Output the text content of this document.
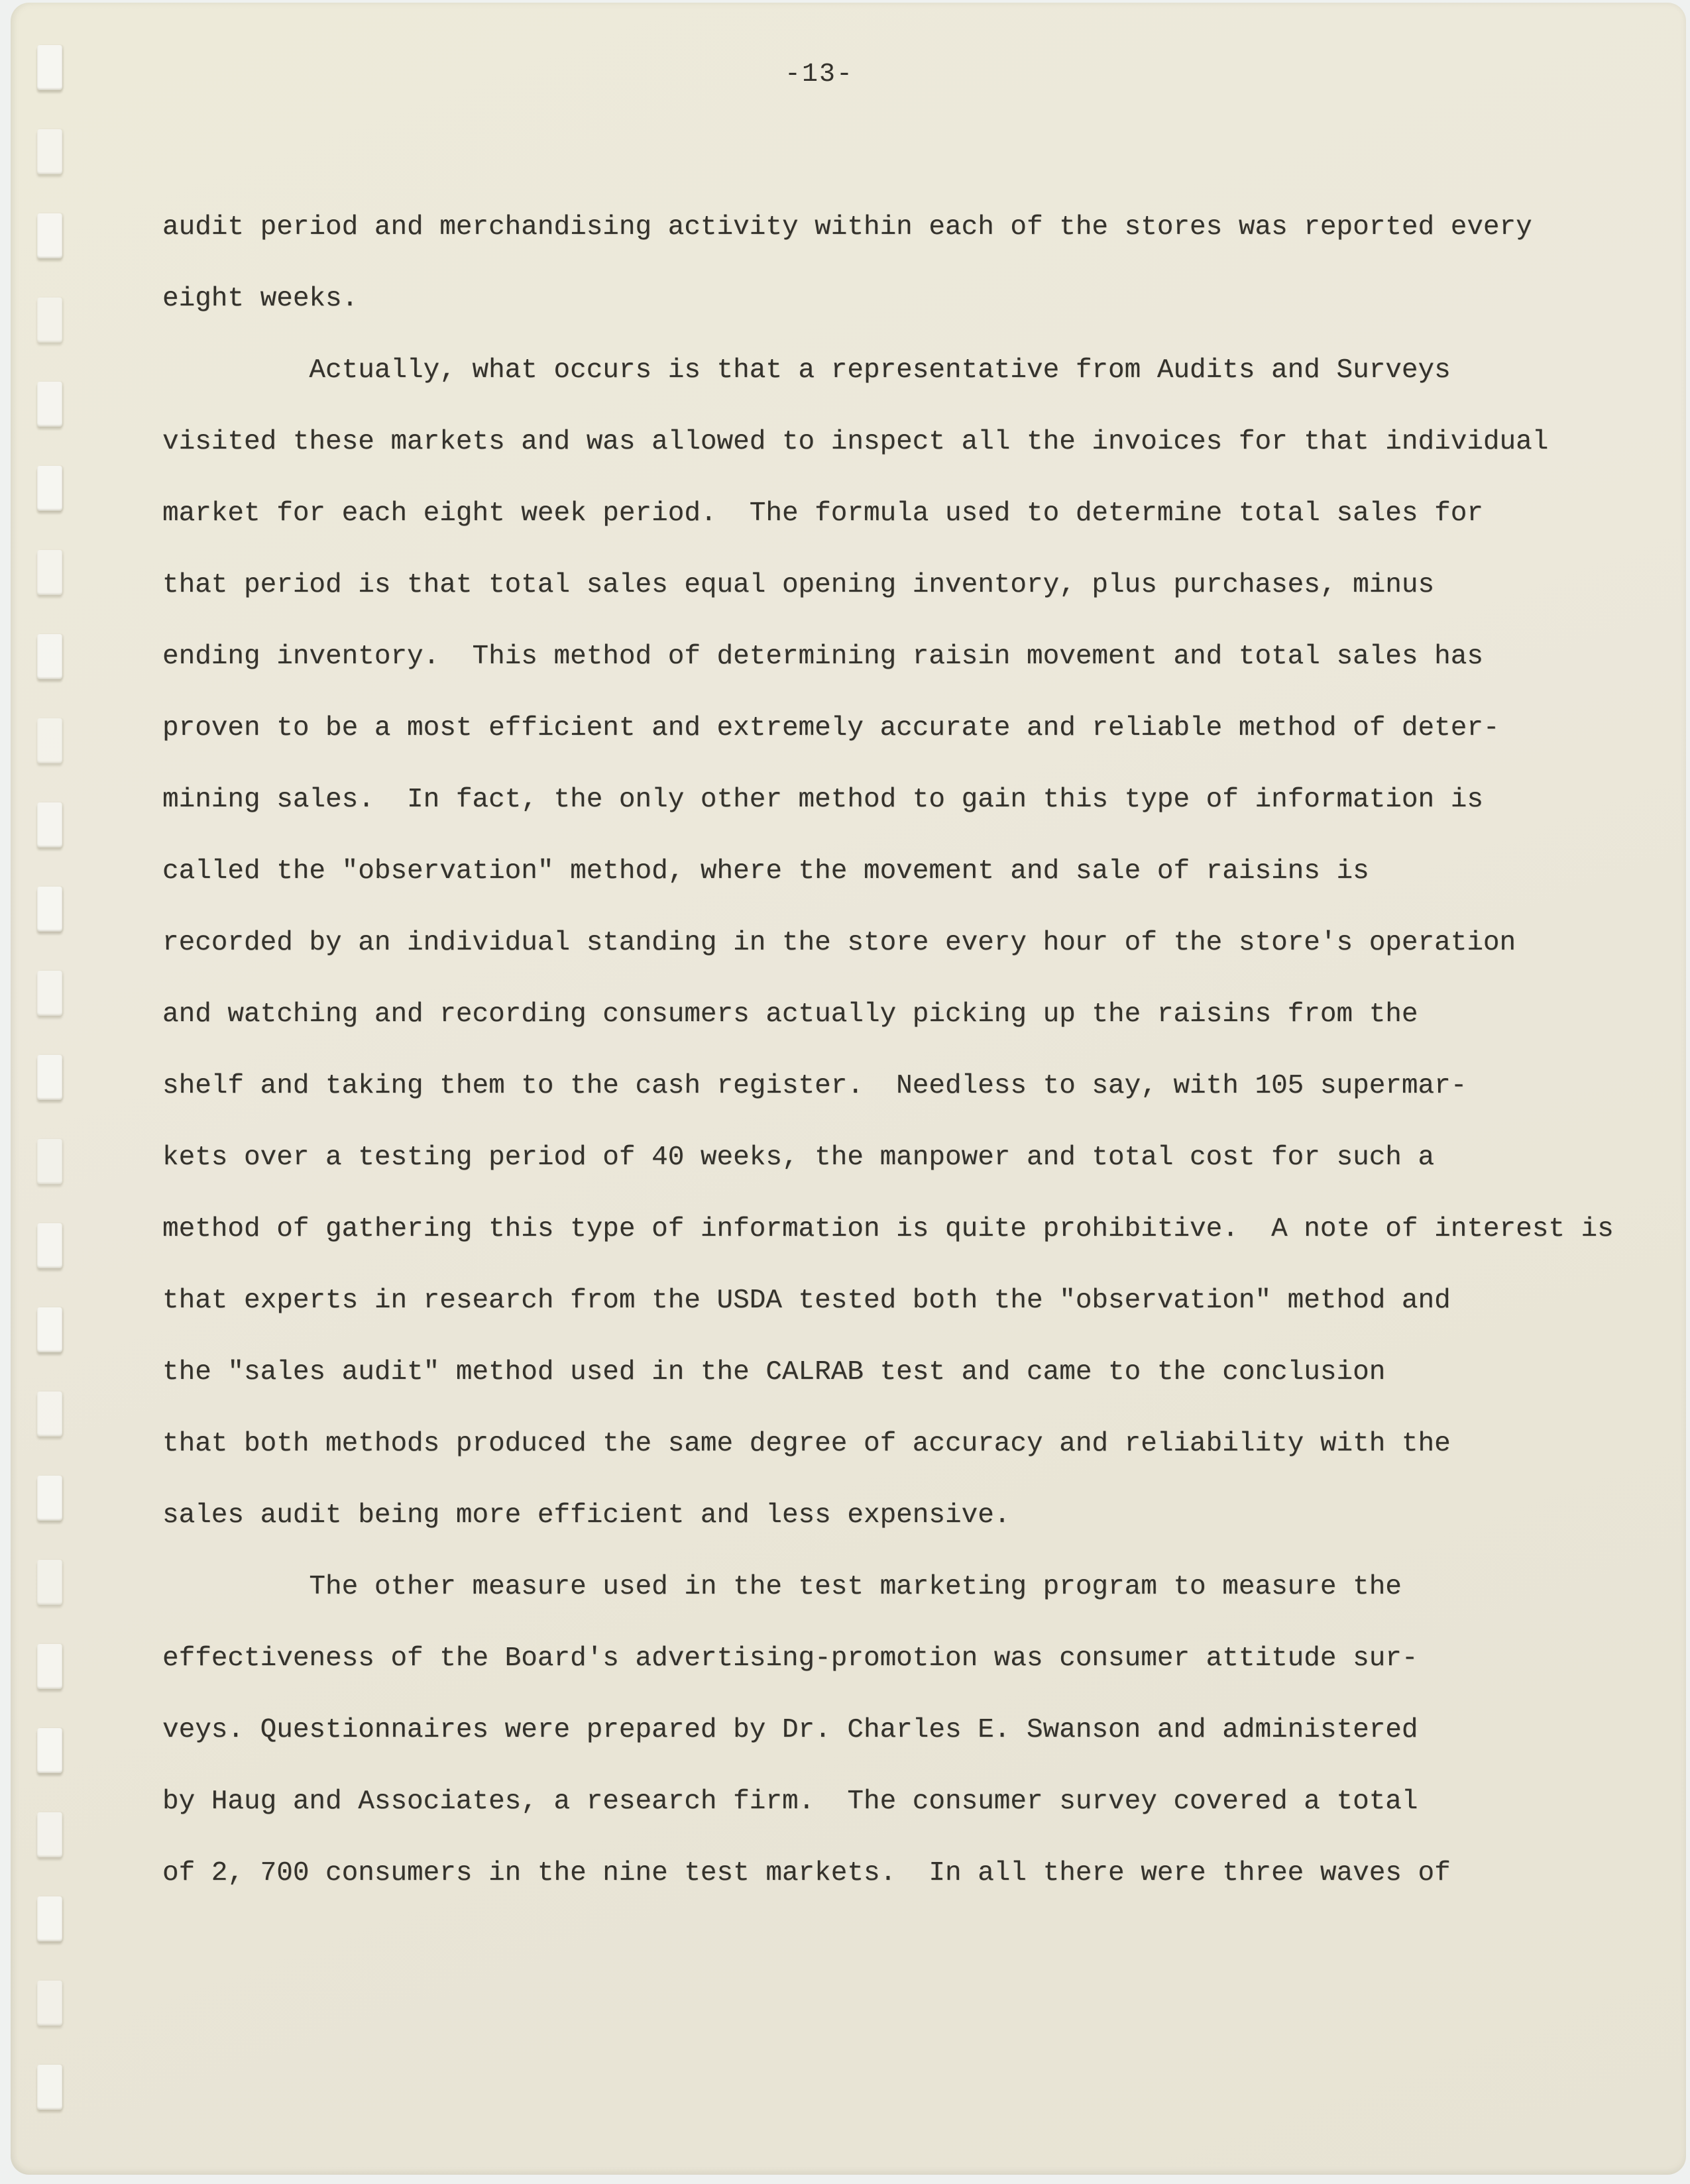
-13-
audit period and merchandising activity within each of the stores was reported every
eight weeks.
Actually, what occurs is that a representative from Audits and Surveys
visited these markets and was allowed to inspect all the invoices for that individual
market for each eight week period.  The formula used to determine total sales for
that period is that total sales equal opening inventory, plus purchases, minus
ending inventory.  This method of determining raisin movement and total sales has
proven to be a most efficient and extremely accurate and reliable method of deter-
mining sales.  In fact, the only other method to gain this type of information is
called the "observation" method, where the movement and sale of raisins is
recorded by an individual standing in the store every hour of the store's operation
and watching and recording consumers actually picking up the raisins from the
shelf and taking them to the cash register.  Needless to say, with 105 supermar-
kets over a testing period of 40 weeks, the manpower and total cost for such a
method of gathering this type of information is quite prohibitive.  A note of interest is
that experts in research from the USDA tested both the "observation" method and
the "sales audit" method used in the CALRAB test and came to the conclusion
that both methods produced the same degree of accuracy and reliability with the
sales audit being more efficient and less expensive.
The other measure used in the test marketing program to measure the
effectiveness of the Board's advertising-promotion was consumer attitude sur-
veys. Questionnaires were prepared by Dr. Charles E. Swanson and administered
by Haug and Associates, a research firm.  The consumer survey covered a total
of 2, 700 consumers in the nine test markets.  In all there were three waves of
